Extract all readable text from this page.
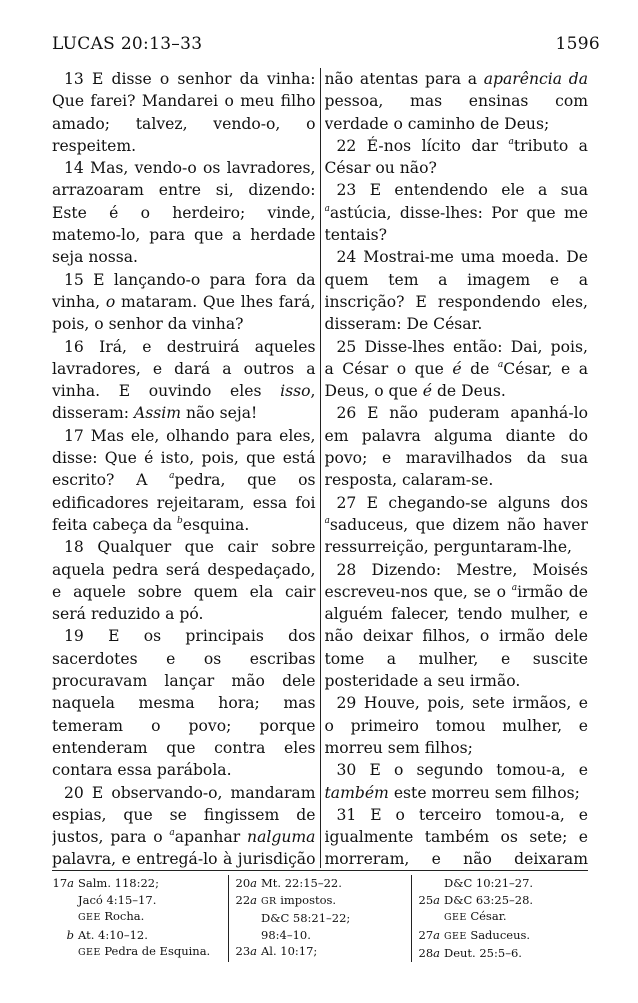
LUCAS 20:13–33	1596

13 E disse o senhor da vinha: Que farei? Mandarei o meu filho amado; talvez, vendo-o, o respeitem.

14 Mas, vendo-o os lavradores, arrazoaram entre si, dizendo: Este é o herdeiro; vinde, matemo-lo, para que a herdade seja nossa.

15 E lançando-o para fora da vinha, o mataram. Que lhes fará, pois, o senhor da vinha?

16 Irá, e destruirá aqueles lavradores, e dará a outros a vinha. E ouvindo eles isso, disseram: Assim não seja!

17 Mas ele, olhando para eles, disse: Que é isto, pois, que está escrito? A $^a$pedra, que os edificadores rejeitaram, essa foi feita cabeça da $^b$esquina.

18 Qualquer que cair sobre aquela pedra será despedaçado, e aquele sobre quem ela cair será reduzido a pó.

19 E os principais dos sacerdotes e os escribas procuravam lançar mão dele naquela mesma hora; mas temeram o povo; porque entenderam que contra eles contara essa parábola.

20 E observando-o, mandaram espias, que se fingissem de justos, para o $^a$apanhar nalguma palavra, e entregá-lo à jurisdição

não atentas para a aparência da pessoa, mas ensinas com verdade o caminho de Deus;

22 É-nos lícito dar $^a$tributo a César ou não?

23 E entendendo ele a sua $^a$astúcia, disse-lhes: Por que me tentais?

24 Mostrai-me uma moeda. De quem tem a imagem e a inscrição? E respondendo eles, disseram: De César.

25 Disse-lhes então: Dai, pois, a César o que é de $^a$César, e a Deus, o que é de Deus.

26 E não puderam apanhá-lo em palavra alguma diante do povo; e maravilhados da sua resposta, calaram-se.

27 E chegando-se alguns dos $^a$saduceus, que dizem não haver ressurreição, perguntaram-lhe,

28 Dizendo: Mestre, Moisés escreveu-nos que, se o $^a$irmão de alguém falecer, tendo mulher, e não deixar filhos, o irmão dele tome a mulher, e suscite posteridade a seu irmão.

29 Houve, pois, sete irmãos, e o primeiro tomou mulher, e morreu sem filhos;

30 E o segundo tomou-a, e também este morreu sem filhos;

31 E o terceiro tomou-a, e igualmente também os sete; e morreram, e não deixaram

17a Salm. 118:22;
Jacó 4:15–17.
GEE Rocha.
b At. 4:10–12.
GEE Pedra de Esquina.
20a Mt. 22:15–22.
22a GR impostos.
D&C 58:21–22;
98:4–10.
23a Al. 10:17;
D&C 10:21–27.
25a D&C 63:25–28.
GEE César.
27a GEE Saduceus.
28a Deut. 25:5–6.
